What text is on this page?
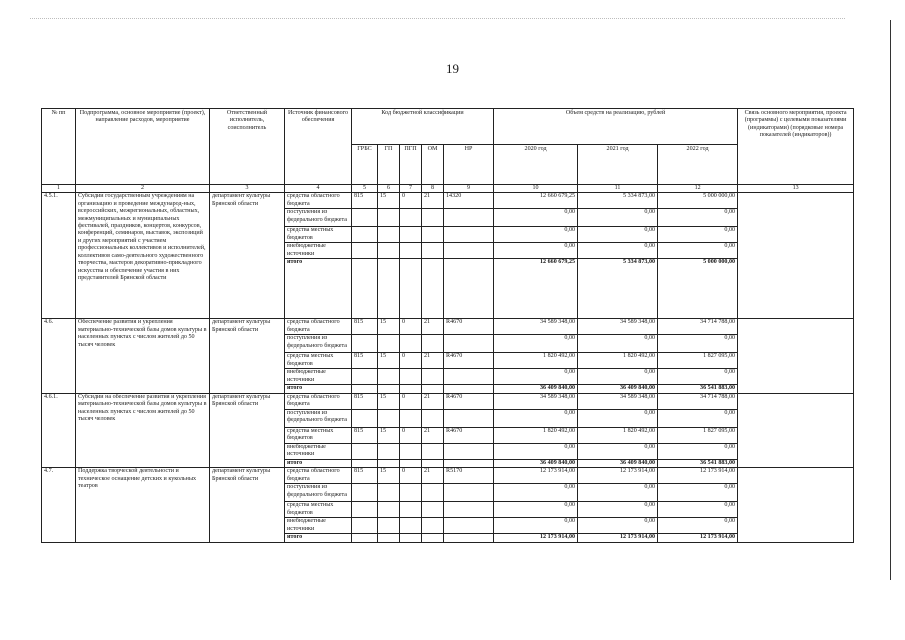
19
№ пп	Подпрограмма, основное мероприятие (проект), направление расходов, мероприятие	Ответственный исполнитель, соисполнитель	Источник финансового обеспечения	Код бюджетной классификации					Объем средств на реализацию, рублей			Связь основного мероприятия, проекта (программы) с целевыми показателями (индикаторами) (порядковые номера показателей (индикаторов))
				ГРБС	ГП	ПГП	ОМ	НР	2020 год	2021 год	2022 год	
1	2	3	4	5	6	7	8	9	10	11	12	13
4.5.1.	Субсидии государственным учреждениям на организацию и проведение международ-ных, всероссийских, межрегиональных, областных, межмуниципальных и муниципальных фестивалей, праздников, концертов, конкурсов, конференций, семинаров, выставок, экспозиций и других мероприятий с участием профессиональных коллективов и исполнителей, коллективов само-деятельного художественного творчества, мастеров декоративно-прикладного искусства и обеспечение участия в них представителей Брянской области	департамент культуры Брянской области	средства областного бюджета	815	15	0	21	14320	12 660 679,25	5 334 873,00	5 000 000,00	
			поступления из федерального бюджета						0,00	0,00	0,00	
			средства местных бюджетов						0,00	0,00	0,00	
			внебюджетные источники						0,00	0,00	0,00	
			итого						12 660 679,25	5 334 873,00	5 000 000,00	
4.6.	Обеспечение развития и укрепления материально-технической базы домов культуры в населенных пунктах с числом жителей до 50 тысяч человек	департамент культуры Брянской области	средства областного бюджета	815	15	0	21	R4670	34 589 348,00	34 589 348,00	34 714 788,00	
			поступления из федерального бюджета						0,00	0,00	0,00	
			средства местных бюджетов	815	15	0	21	R4670	1 820 492,00	1 820 492,00	1 827 095,00	
			внебюджетные источники						0,00	0,00	0,00	
			итого						36 409 840,00	36 409 840,00	36 541 883,00	
4.6.1.	Субсидии на обеспечение развития и укрепления материально-технической базы домов культуры в населенных пунктах с числом жителей до 50 тысяч человек	департамент культуры Брянской области	средства областного бюджета	815	15	0	21	R4670	34 589 348,00	34 589 348,00	34 714 788,00	
			поступления из федерального бюджета						0,00	0,00	0,00	
			средства местных бюджетов	815	15	0	21	R4670	1 820 492,00	1 820 492,00	1 827 095,00	
			внебюджетные источники						0,00	0,00	0,00	
			итого						36 409 840,00	36 409 840,00	36 541 883,00	
4.7.	Поддержка творческой деятельности и техническое оснащение детских и кукольных театров	департамент культуры Брянской области	средства областного бюджета	815	15	0	21	R5170	12 173 914,00	12 173 914,00	12 173 914,00	
			поступления из федерального бюджета						0,00	0,00	0,00	
			средства местных бюджетов						0,00	0,00	0,00	
			внебюджетные источники						0,00	0,00	0,00	
			итого						12 173 914,00	12 173 914,00	12 173 914,00	
